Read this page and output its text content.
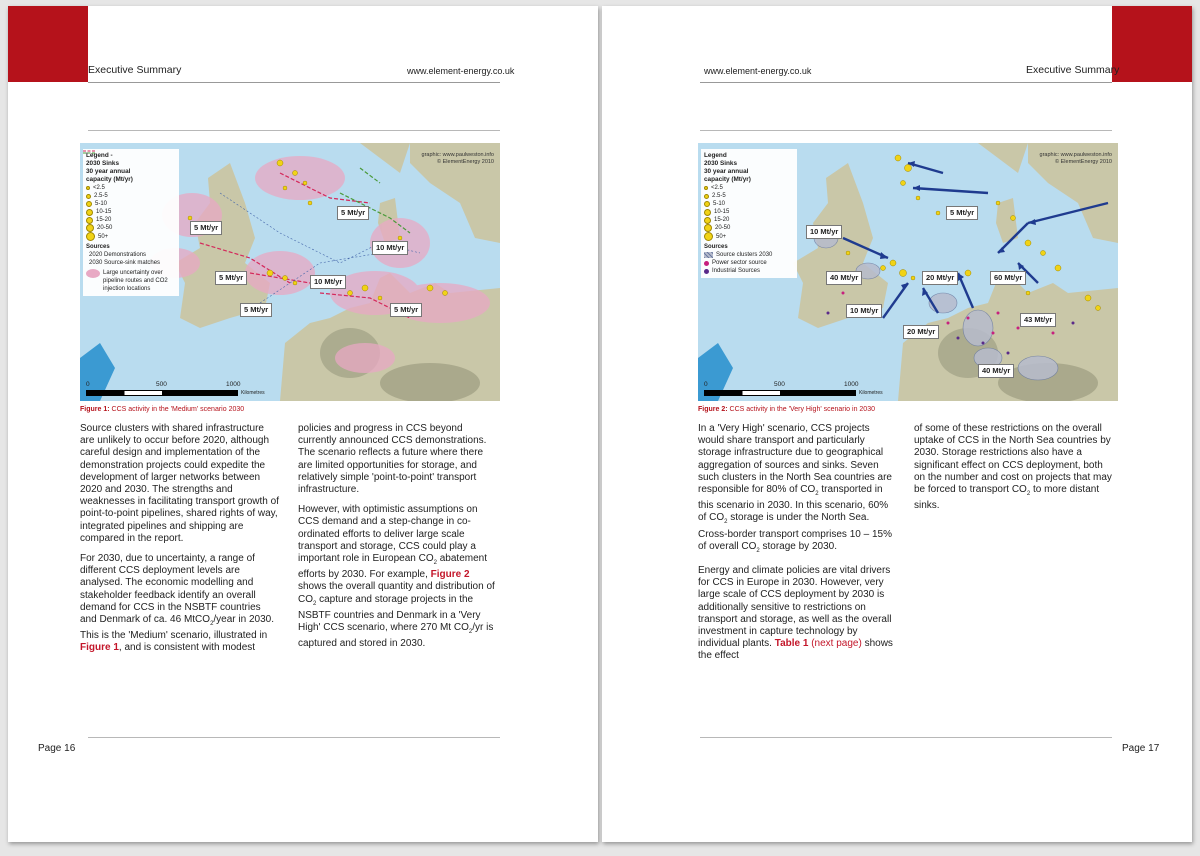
Executive Summary	www.element-energy.co.uk
Legend -
2030 Sinks
30 year annual
capacity (Mt/yr)
<2.5
2.5-5
5-10
10-15
15-20
20-50
50+
Sources
2020 Demonstrations
2030 Source-sink matches
Large uncertainty over pipeline routes and CO2 injection locations
graphic: www.paulweston.info
© ElementEnergy 2010
5 Mt/yr
5 Mt/yr	10 Mt/yr
5 Mt/yr
10 Mt/yr
5 Mt/yr
5 Mt/yr
0	500	1000
Kilometres
Figure 1: CCS activity in the 'Medium' scenario 2030

Source clusters with shared infrastructure are unlikely to occur before 2020, although careful design and implementation of the demonstration projects could expedite the development of larger networks between 2020 and 2030. The strengths and weaknesses in facilitating transport growth of point-to-point pipelines, shared rights of way, integrated pipelines and shipping are compared in the report.

For 2030, due to uncertainty, a range of different CCS deployment levels are analysed. The economic modelling and stakeholder feedback identify an overall demand for CCS in the NSBTF countries and Denmark of ca. 46 MtCO$_2$/year in 2030. This is the 'Medium' scenario, illustrated in Figure 1, and is consistent with modest

policies and progress in CCS beyond currently announced CCS demonstrations. The scenario reflects a future where there are limited opportunities for storage, and relatively simple 'point-to-point' transport infrastructure.

However, with optimistic assumptions on CCS demand and a step-change in co-ordinated efforts to deliver large scale transport and storage, CCS could play a important role in European $CO_2$ abatement efforts by 2030. For example, Figure 2 shows the overall quantity and distribution of $CO_2$ capture and storage projects in the NSBTF countries and Denmark in a 'Very High' CCS scenario, where 270 Mt $CO_2/yr$ is captured and stored in 2030.

Page 16
www.element-energy.co.uk	Executive Summary
Legend
2030 Sinks
30 year annual
capacity (Mt/yr)
<2.5
2.5-5
5-10
10-15
15-20
20-50
50+
Sources
Source clusters 2030
Power sector source
Industrial Sources
graphic: www.paulweston.info
© ElementEnergy 2010
5 Mt/yr
10 Mt/yr
40 Mt/yr	20 Mt/yr	60 Mt/yr
10 Mt/yr
20 Mt/yr
43 Mt/yr
40 Mt/yr
0	500	1000
Kilometres
Figure 2: CCS activity in the 'Very High' scenario in 2030

In a 'Very High' scenario, CCS projects would share transport and particularly storage infrastructure due to geographical aggregation of sources and sinks. Seven such clusters in the North Sea countries are responsible for 80% of $CO_2$ transported in this scenario in 2030. In this scenario, 60% of $CO_2$ storage is under the North Sea. Cross-border transport comprises 10 – 15% of overall $CO_2$ storage by 2030.

Energy and climate policies are vital drivers for CCS in Europe in 2030. However, very large scale of CCS deployment by 2030 is additionally sensitive to restrictions on transport and storage, as well as the overall investment in capture technology by individual plants. Table 1 (next page) shows the effect

of some of these restrictions on the overall uptake of CCS in the North Sea countries by 2030. Storage restrictions also have a significant effect on CCS deployment, both on the number and cost on projects that may be forced to transport $CO_2$ to more distant sinks.

Page 17
